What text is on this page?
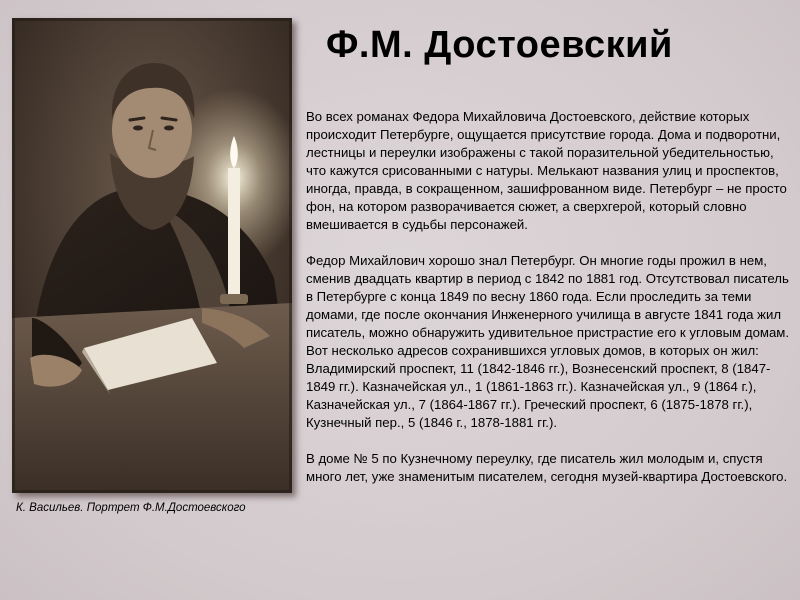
К. Васильев. Портрет Ф.М.Достоевского
Ф.М. Достоевский

Во всех романах Федора Михайловича Достоевского, действие которых происходит Петербурге, ощущается присутствие города. Дома и подворотни, лестницы и переулки изображены с такой поразительной убедительностью, что кажутся срисованными с натуры. Мелькают названия улиц и проспектов, иногда, правда, в сокращенном, зашифрованном виде. Петербург – не просто фон, на котором разворачивается сюжет, а сверхгерой, который словно вмешивается в судьбы персонажей.

Федор Михайлович хорошо знал Петербург. Он многие годы прожил в нем, сменив двадцать квартир в период с 1842 по 1881 год. Отсутствовал писатель в Петербурге с конца 1849 по весну 1860 года. Если проследить за теми домами, где после окончания Инженерного училища в августе 1841 года жил писатель, можно обнаружить удивительное пристрастие его к угловым домам. Вот несколько адресов сохранившихся угловых домов, в которых он жил: Владимирский проспект, 11 (1842-1846 гг.), Вознесенский проспект, 8 (1847-1849 гг.). Казначейская ул., 1 (1861-1863 гг.). Казначейская ул., 9 (1864 г.), Казначейская ул., 7 (1864-1867 гг.). Греческий проспект, 6 (1875-1878 гг.), Кузнечный пер., 5 (1846 г., 1878-1881 гг.).

В доме № 5 по Кузнечному переулку, где писатель жил молодым и, спустя много лет, уже знаменитым писателем, сегодня музей-квартира Достоевского.
